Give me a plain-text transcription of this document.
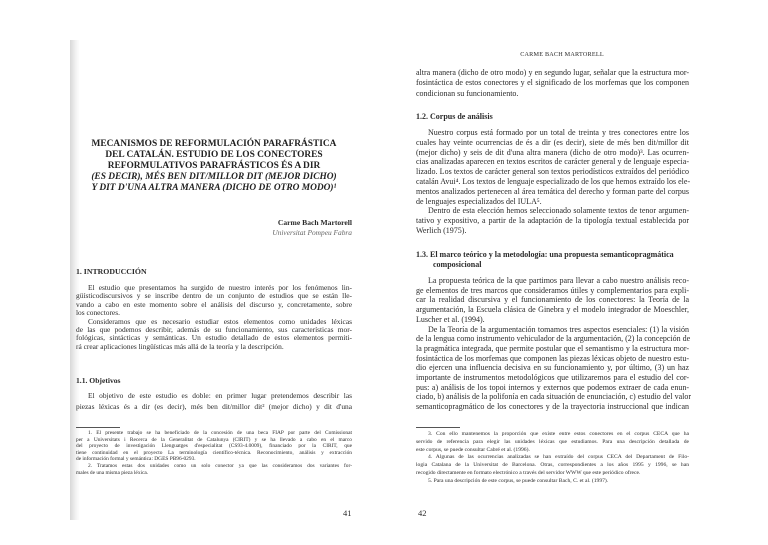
MECANISMOS DE REFORMULACIÓN PARAFRÁSTICA
DEL CATALÁN. ESTUDIO DE LOS CONECTORES
REFORMULATIVOS PARAFRÁSTICOS ÉS A DIR
(ES DECIR), MÉS BEN DIT/MILLOR DIT (MEJOR DICHO)
Y DIT D'UNA ALTRA MANERA (DICHO DE OTRO MODO)¹
Carme Bach Martorell
Universitat Pompeu Fabra
1. INTRODUCCIÓN
El estudio que presentamos ha surgido de nuestro interés por los fenómenos lin-
güísticodiscursivos y se inscribe dentro de un conjunto de estudios que se están lle-
vando a cabo en este momento sobre el análisis del discurso y, concretamente, sobre
los conectores.
Consideramos que es necesario estudiar estos elementos como unidades léxicas
de las que podemos describir, además de su funcionamiento, sus características mor-
fológicas, sintácticas y semánticas. Un estudio detallado de estos elementos permiti-
rá crear aplicaciones lingüísticas más allá de la teoría y la descripción.
1.1. Objetivos
El objetivo de este estudio es doble: en primer lugar pretendemos describir las
piezas léxicas és a dir (es decir), més ben dit/millor dit² (mejor dicho) y dit d'una
1. El presente trabajo se ha beneficiado de la concesión de una beca FIAP por parte del Comissionat
per a Universitats i Recerca de la Generalitat de Catalunya (CIRIT) y se ha llevado a cabo en el marco
del proyecto de investigación Llenguatges d'especialitat (CS93-4.0009), financiado por la CIRIT, que
tiene continuidad en el proyecto La terminología científico-técnica. Reconocimiento, análisis y extracción
de información formal y semántica: DGES PB96-0293.
2. Tratamos estas dos unidades como un solo conector ya que las consideramos dos variantes for-
males de una misma pieza léxica.
41
CARME BACH MARTORELL
altra manera (dicho de otro modo) y en segundo lugar, señalar que la estructura mor-
fosintáctica de estos conectores y el significado de los morfemas que los componen
condicionan su funcionamiento.
1.2. Corpus de análisis
Nuestro corpus está formado por un total de treinta y tres conectores entre los
cuales hay veinte ocurrencias de és a dir (es decir), siete de més ben dit/millor dit
(mejor dicho) y seis de dit d'una altra manera (dicho de otro modo)³. Las ocurren-
cias analizadas aparecen en textos escritos de carácter general y de lenguaje especia-
lizado. Los textos de carácter general son textos periodísticos extraídos del periódico
catalán Avui⁴. Los textos de lenguaje especializado de los que hemos extraído los ele-
mentos analizados pertenecen al área temática del derecho y forman parte del corpus
de lenguajes especializados del IULA⁵.
Dentro de esta elección hemos seleccionado solamente textos de tenor argumen-
tativo y expositivo, a partir de la adaptación de la tipología textual establecida por
Werlich (1975).
1.3. El marco teórico y la metodología: una propuesta semanticopragmática
composicional
La propuesta teórica de la que partimos para llevar a cabo nuestro análisis reco-
ge elementos de tres marcos que consideramos útiles y complementarios para expli-
car la realidad discursiva y el funcionamiento de los conectores: la Teoría de la
argumentación, la Escuela clásica de Ginebra y el modelo integrador de Moeschler,
Luscher et al. (1994).
De la Teoría de la argumentación tomamos tres aspectos esenciales: (1) la visión
de la lengua como instrumento vehiculador de la argumentación, (2) la concepción de
la pragmática integrada, que permite postular que el semantismo y la estructura mor-
fosintáctica de los morfemas que componen las piezas léxicas objeto de nuestro estu-
dio ejercen una influencia decisiva en su funcionamiento y, por último, (3) un haz
importante de instrumentos metodológicos que utilizaremos para el estudio del cor-
pus: a) análisis de los topoi internos y externos que podemos extraer de cada enun-
ciado, b) análisis de la polifonía en cada situación de enunciación, c) estudio del valor
semanticopragmático de los conectores y de la trayectoria instruccional que indican
3. Con ello mantenemos la proporción que existe entre estos conectores en el corpus CECA que ha
servido de referencia para elegir las unidades léxicas que estudiamos. Para una descripción detallada de
este corpus, se puede consultar Cabré et al. (1996).
4. Algunas de las ocurrencias analizadas se han extraído del corpus CECA del Departament de Filo-
logia Catalana de la Universitat de Barcelona. Otras, correspondientes a los años 1995 y 1996, se han
recogido directamente en formato electrónico a través del servidor WWW que este periódico ofrece.
5. Para una descripción de este corpus, se puede consultar Bach, C. et al. (1997).
42
